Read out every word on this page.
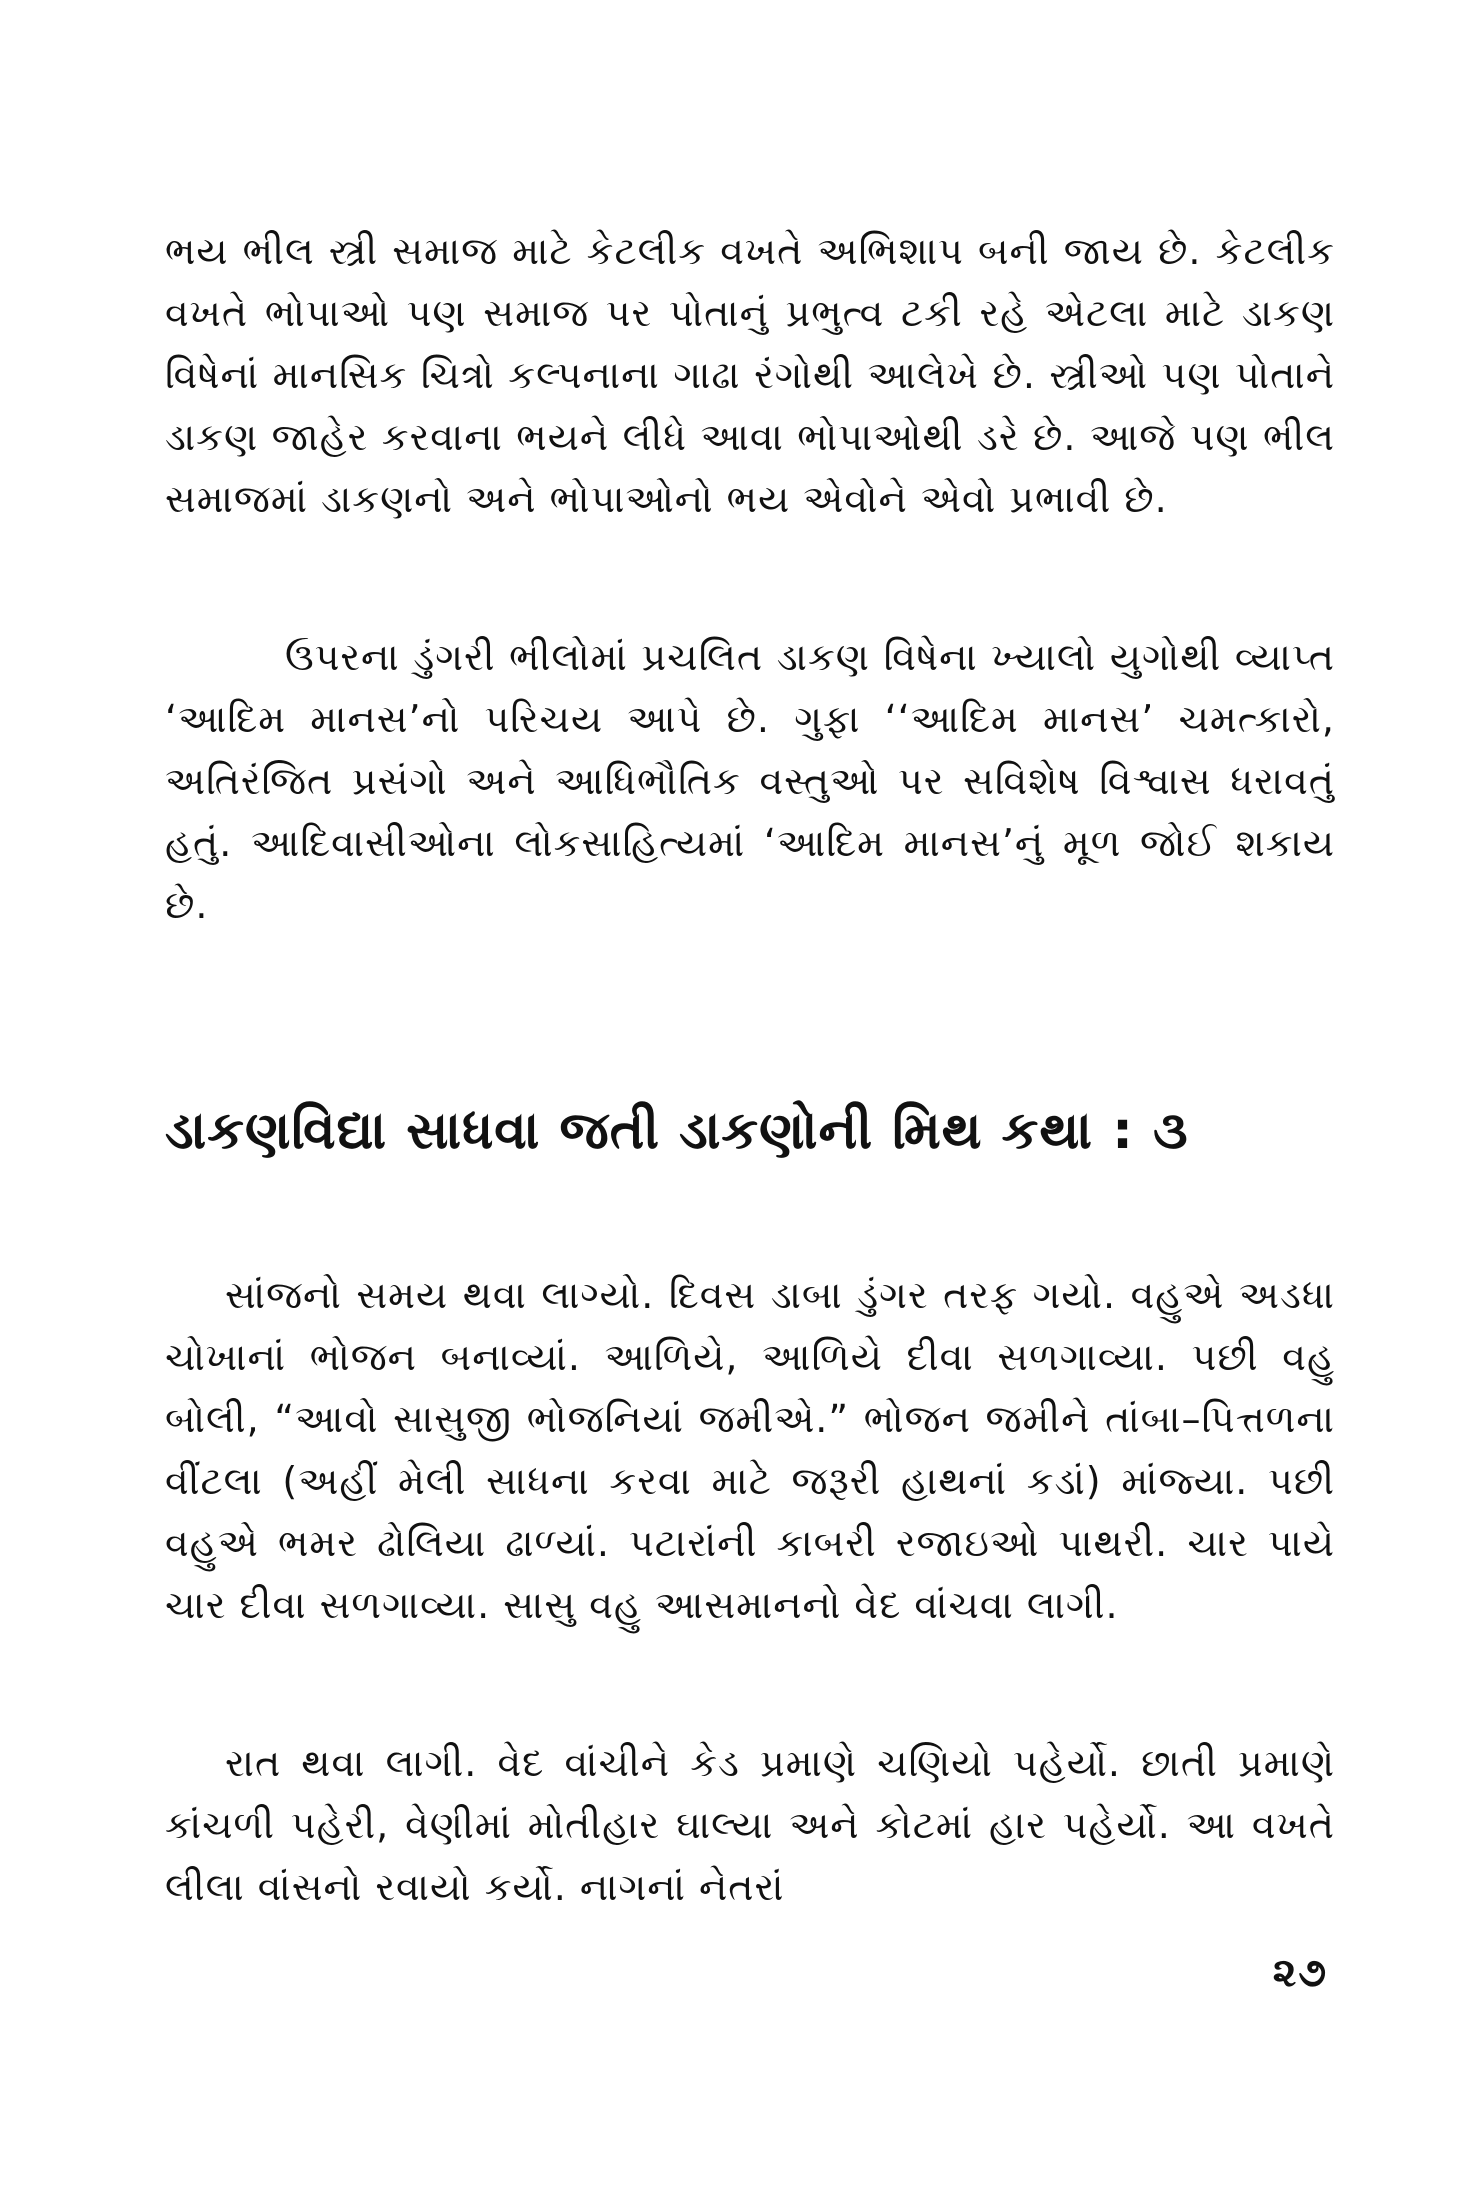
ભય ભીલ સ્ત્રી સમાજ માટે કેટલીક વખતે અભિશાપ બની જાય છે. કેટલીક વખતે ભોપાઓ પણ સમાજ પર પોતાનું પ્રભુત્વ ટકી રહે એટલા માટે ડાકણ વિષેનાં માનસિક ચિત્રો કલ્પનાના ગાઢા રંગોથી આલેખે છે. સ્ત્રીઓ પણ પોતાને ડાકણ જાહેર કરવાના ભયને લીધે આવા ભોપાઓથી ડરે છે. આજે પણ ભીલ સમાજમાં ડાકણનો અને ભોપાઓનો ભય એવોને એવો પ્રભાવી છે.

ઉપરના ડુંગરી ભીલોમાં પ્રચલિત ડાકણ વિષેના ખ્યાલો યુગોથી વ્યાપ્ત ‘આદિમ માનસ’નો પરિચય આપે છે. ગુફા ‘‘આદિમ માનસ’ ચમત્કારો, અતિરંજિત પ્રસંગો અને આધિભૌતિક વસ્તુઓ પર સવિશેષ વિશ્વાસ ધરાવતું હતું. આદિવાસીઓના લોકસાહિત્યમાં ‘આદિમ માનસ’નું મૂળ જોઈ શકાય છે.

ડાકણવિદ્યા સાધવા જતી ડાકણોની મિથ કથા : ૩

સાંજનો સમય થવા લાગ્યો. દિવસ ડાબા ડુંગર તરફ ગયો. વહુએ અડધા ચોખાનાં ભોજન બનાવ્યાં. આળિયે, આળિયે દીવા સળગાવ્યા. પછી વહુ બોલી, “આવો સાસુજી ભોજનિયાં જમીએ.” ભોજન જમીને તાંબા–પિત્તળના વીંટલા (અહીં મેલી સાધના કરવા માટે જરૂરી હાથનાં કડાં) માંજ્યા. પછી વહુએ ભમર ઢોલિયા ઢાળ્યાં. પટારાંની કાબરી રજાઇઓ પાથરી. ચાર પાયે ચાર દીવા સળગાવ્યા. સાસુ વહુ આસમાનનો વેદ વાંચવા લાગી.

રાત થવા લાગી. વેદ વાંચીને કેડ પ્રમાણે ચણિયો પહેર્યો. છાતી પ્રમાણે કાંચળી પહેરી, વેણીમાં મોતીહાર ઘાલ્યા અને કોટમાં હાર પહેર્યો. આ વખતે લીલા વાંસનો રવાયો કર્યો. નાગનાં નેતરાં

૨૭
